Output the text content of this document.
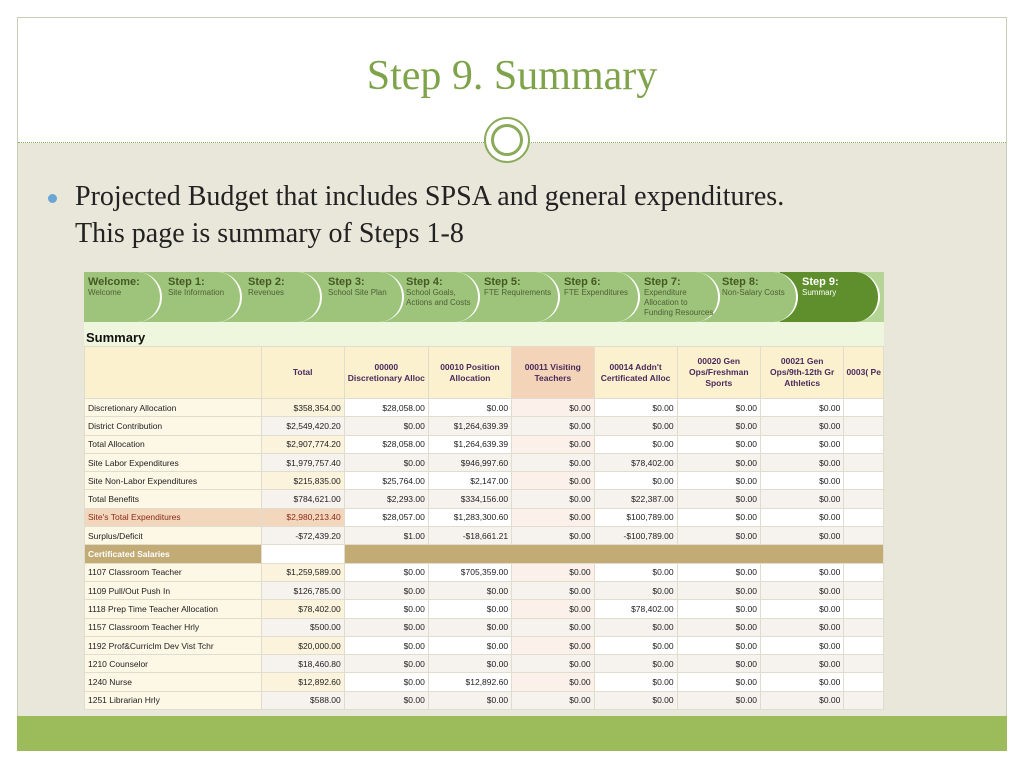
Step 9. Summary
Projected Budget that includes SPSA and general expenditures. This page is summary of Steps 1-8
Welcome:
Welcome
Step 1:
Site Information
Step 2:
Revenues
Step 3:
School Site Plan
Step 4:
School Goals, Actions and Costs
Step 5:
FTE Requirements
Step 6:
FTE Expenditures
Step 7:
Expenditure Allocation to Funding Resources
Step 8:
Non-Salary Costs
Step 9:
Summary
Summary
	Total	00000 Discretionary Alloc	00010 Position Allocation	00011 Visiting Teachers	00014 Addn't Certificated Alloc	00020 Gen Ops/Freshman Sports	00021 Gen Ops/9th-12th Gr Athletics	0003( Pe
Discretionary Allocation	$358,354.00	$28,058.00	$0.00	$0.00	$0.00	$0.00	$0.00	
District Contribution	$2,549,420.20	$0.00	$1,264,639.39	$0.00	$0.00	$0.00	$0.00	
Total Allocation	$2,907,774.20	$28,058.00	$1,264,639.39	$0.00	$0.00	$0.00	$0.00	
Site Labor Expenditures	$1,979,757.40	$0.00	$946,997.60	$0.00	$78,402.00	$0.00	$0.00	
Site Non-Labor Expenditures	$215,835.00	$25,764.00	$2,147.00	$0.00	$0.00	$0.00	$0.00	
Total Benefits	$784,621.00	$2,293.00	$334,156.00	$0.00	$22,387.00	$0.00	$0.00	
Site's Total Expenditures	$2,980,213.40	$28,057.00	$1,283,300.60	$0.00	$100,789.00	$0.00	$0.00	
Surplus/Deficit	-$72,439.20	$1.00	-$18,661.21	$0.00	-$100,789.00	$0.00	$0.00	
Certificated Salaries								
1107 Classroom Teacher	$1,259,589.00	$0.00	$705,359.00	$0.00	$0.00	$0.00	$0.00	
1109 Pull/Out Push In	$126,785.00	$0.00	$0.00	$0.00	$0.00	$0.00	$0.00	
1118 Prep Time Teacher Allocation	$78,402.00	$0.00	$0.00	$0.00	$78,402.00	$0.00	$0.00	
1157 Classroom Teacher Hrly	$500.00	$0.00	$0.00	$0.00	$0.00	$0.00	$0.00	
1192 Prof&Curriclm Dev Vist Tchr	$20,000.00	$0.00	$0.00	$0.00	$0.00	$0.00	$0.00	
1210 Counselor	$18,460.80	$0.00	$0.00	$0.00	$0.00	$0.00	$0.00	
1240 Nurse	$12,892.60	$0.00	$12,892.60	$0.00	$0.00	$0.00	$0.00	
1251 Librarian Hrly	$588.00	$0.00	$0.00	$0.00	$0.00	$0.00	$0.00	
